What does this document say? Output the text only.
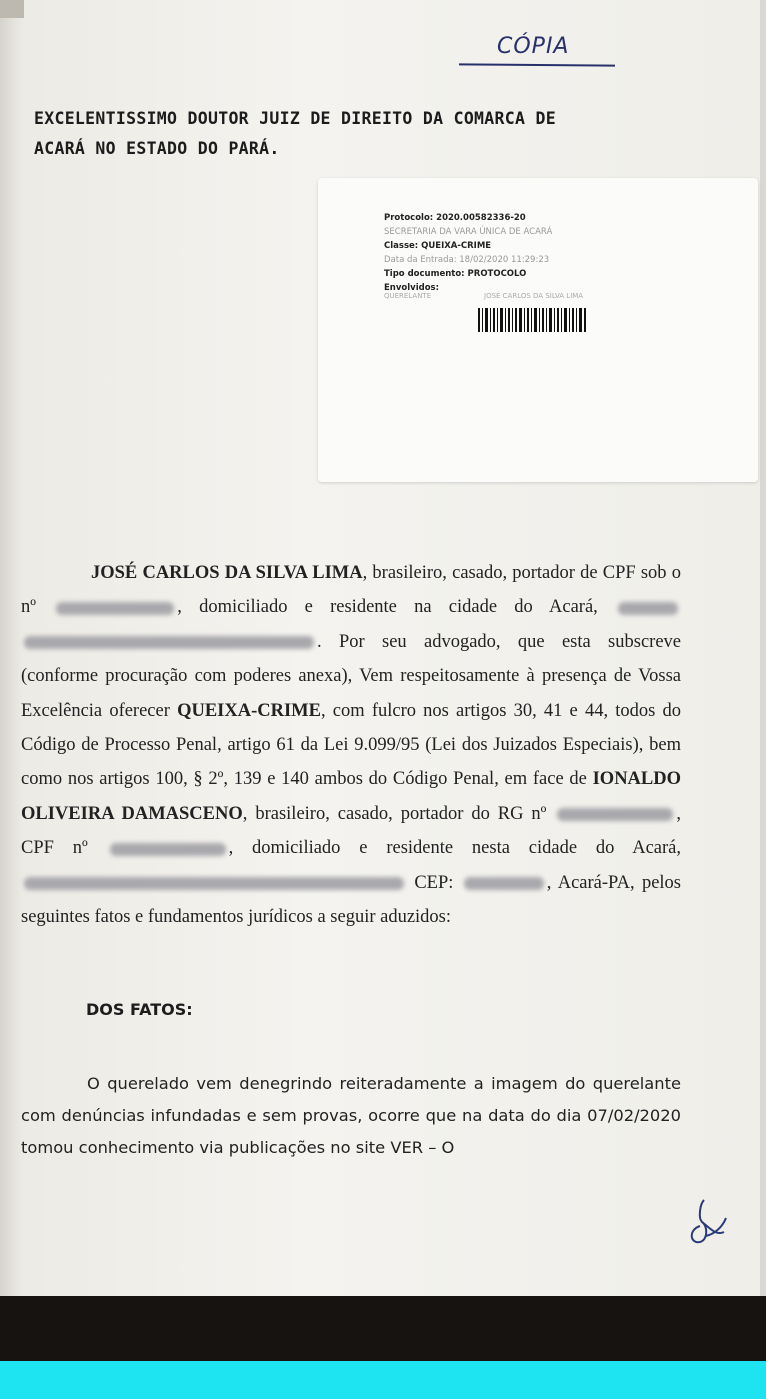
CÓPIA
EXCELENTISSIMO DOUTOR JUIZ DE DIREITO DA COMARCA DE
ACARÁ NO ESTADO DO PARÁ.
Protocolo: 2020.00582336-20
SECRETARIA DA VARA ÚNICA DE ACARÁ
Classe: QUEIXA-CRIME
Data da Entrada: 18/02/2020 11:29:23
Tipo documento: PROTOCOLO
Envolvidos:
QUERELANTE	JOSÉ CARLOS DA SILVA LIMA

JOSÉ CARLOS DA SILVA LIMA, brasileiro, casado, portador de CPF sob o nº	, domiciliado e residente na cidade do Acará,  . Por seu advogado, que esta subscreve (conforme procuração com poderes anexa), Vem respeitosamente à presença de Vossa Excelência oferecer QUEIXA-CRIME, com fulcro nos artigos 30, 41 e 44, todos do Código de Processo Penal, artigo 61 da Lei 9.099/95 (Lei dos Juizados Especiais), bem como nos artigos 100, § 2º, 139 e 140 ambos do Código Penal, em face de IONALDO OLIVEIRA DAMASCENO, brasileiro, casado, portador do RG nº	, CPF nº	, domiciliado e residente nesta cidade do Acará,  CEP:	, Acará-PA, pelos seguintes fatos e fundamentos jurídicos a seguir aduzidos:

DOS FATOS:
O querelado vem denegrindo reiteradamente a imagem do querelante com denúncias infundadas e sem provas, ocorre que na data do dia 07/02/2020 tomou conhecimento via publicações no site VER – O
